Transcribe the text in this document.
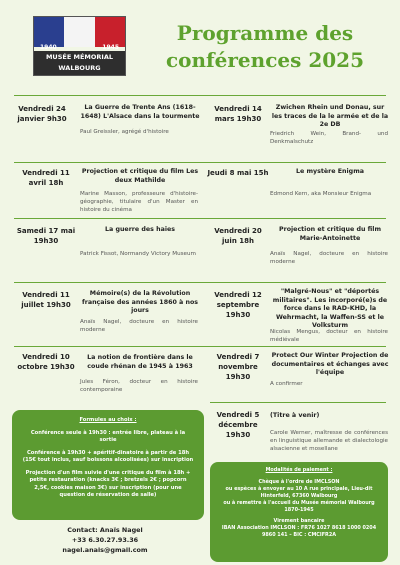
1940	1945
MUSÉE MÉMORIAL
WALBOURG
Programme des
conférences 2025
Vendredi 24 janvier 9h30
La Guerre de Trente Ans (1618-1648) L'Alsace dans la tourmente
Paul Greissler, agrégé d'histoire
Vendredi 14 mars 19h30
Zwichen Rhein und Donau, sur les traces de la le armée et de la 2e DB
Friedrich Wein, Brand- und Denkmalschutz
Vendredi 11 avril 18h
Projection et critique du film Les deux Mathilde
Marine Masson, professeure d'histoire-géographie, titulaire d'un Master en histoire du cinéma
Jeudi 8 mai 15h	Le mystère Enigma
Edmond Kern, aka Monsieur Enigma
Samedi 17 mai 19h30
La guerre des haies
Patrick Fissot, Normandy Victory Museum
Vendredi 20 juin 18h
Projection et critique du film Marie-Antoinette
Anaïs Nagel, docteure en histoire moderne
Vendredi 11 juillet 19h30
Mémoire(s) de la Révolution française des années 1860 à nos jours
Anaïs Nagel, docteure en histoire moderne
Vendredi 12 septembre 19h30
"Malgré-Nous" et "déportés militaires". Les incorporé(e)s de force dans le RAD-KHD, la Wehrmacht, la Waffen-SS et le Volksturm
Nicolas Mengus, docteur en histoire médiévale
Vendredi 10 octobre 19h30
La notion de frontière dans le coude rhénan de 1945 à 1963
Jules Féron, docteur en histoire contemporaine
Vendredi 7 novembre 19h30
Protect Our Winter Projection de documentaires et échanges avec l'équipe
A confirmer
Vendredi 5 décembre 19h30
(Titre à venir)
Carole Werner, maîtresse de conférences en linguistique allemande et dialectologie alsacienne et mosellane
Formules au choix :

Conférence seule à 19h30 : entrée libre, plateau à la sortie

Conférence à 19h30 + apéritif-dinatoire à partir de 18h (15€ tout inclus, sauf boissons alcoolisées) sur inscription

Projection d'un film suivie d'une critique du film à 18h + petite restauration (knacks 3€ ; bretzels 2€ ; popcorn 2,5€, cookies maison 3€) sur inscription (pour une question de réservation de salle)

Modalités de paiement :

Chèque à l'ordre de IMCLSON

ou espèces à envoyer au 10 A rue principale, Lieu-dit Hinterfeld, 67360 Walbourg

ou à remettre à l'accueil du Musée mémorial Walbourg 1870-1945

Virement bancaire

IBAN Association IMCLSON : FR76 1027 8618 1000 0204 9860 141 – BIC : CMCIFR2A

Contact: Anaïs Nagel
+33 6.30.27.93.36
nagel.anais@gmail.com
